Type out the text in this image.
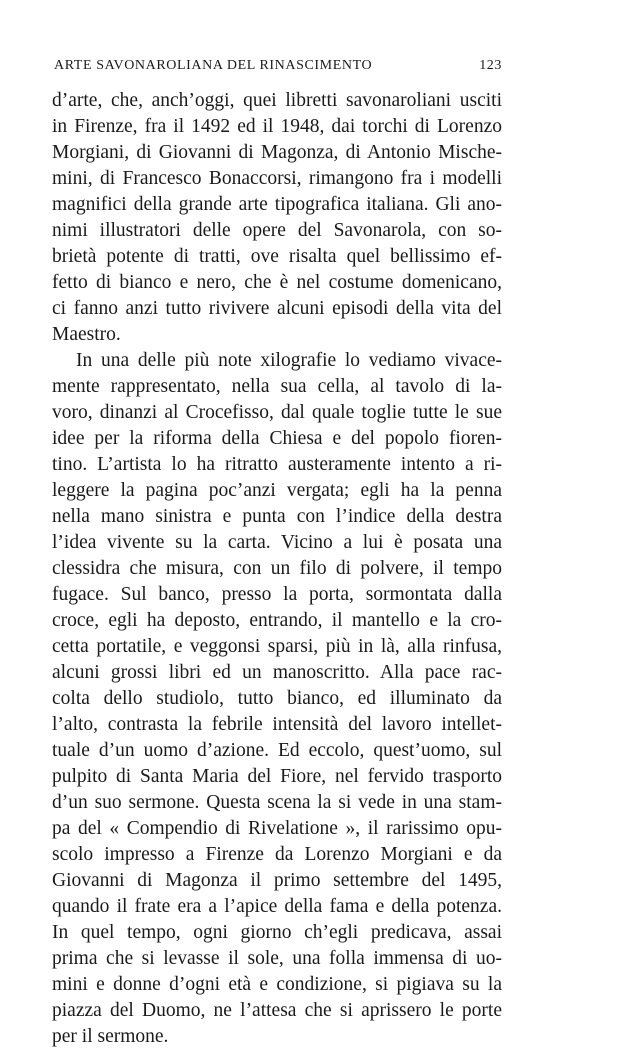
ARTE SAVONAROLIANA DEL RINASCIMENTO	123
d’arte, che, anch’oggi, quei libretti savonaroliani usciti
in Firenze, fra il 1492 ed il 1948, dai torchi di Lorenzo
Morgiani, di Giovanni di Magonza, di Antonio Mische-
mini, di Francesco Bonaccorsi, rimangono fra i modelli
magnifici della grande arte tipografica italiana. Gli ano-
nimi illustratori delle opere del Savonarola, con so-
brietà potente di tratti, ove risalta quel bellissimo ef-
fetto di bianco e nero, che è nel costume domenicano,
ci fanno anzi tutto rivivere alcuni episodi della vita del
Maestro.
In una delle più note xilografie lo vediamo vivace-
mente rappresentato, nella sua cella, al tavolo di la-
voro, dinanzi al Crocefisso, dal quale toglie tutte le sue
idee per la riforma della Chiesa e del popolo fioren-
tino. L’artista lo ha ritratto austeramente intento a ri-
leggere la pagina poc’anzi vergata; egli ha la penna
nella mano sinistra e punta con l’indice della destra
l’idea vivente su la carta. Vicino a lui è posata una
clessidra che misura, con un filo di polvere, il tempo
fugace. Sul banco, presso la porta, sormontata dalla
croce, egli ha deposto, entrando, il mantello e la cro-
cetta portatile, e veggonsi sparsi, più in là, alla rinfusa,
alcuni grossi libri ed un manoscritto. Alla pace rac-
colta dello studiolo, tutto bianco, ed illuminato da
l’alto, contrasta la febrile intensità del lavoro intellet-
tuale d’un uomo d’azione. Ed eccolo, quest’uomo, sul
pulpito di Santa Maria del Fiore, nel fervido trasporto
d’un suo sermone. Questa scena la si vede in una stam-
pa del « Compendio di Rivelatione », il rarissimo opu-
scolo impresso a Firenze da Lorenzo Morgiani e da
Giovanni di Magonza il primo settembre del 1495,
quando il frate era a l’apice della fama e della potenza.
In quel tempo, ogni giorno ch’egli predicava, assai
prima che si levasse il sole, una folla immensa di uo-
mini e donne d’ogni età e condizione, si pigiava su la
piazza del Duomo, ne l’attesa che si aprissero le porte
per il sermone.
